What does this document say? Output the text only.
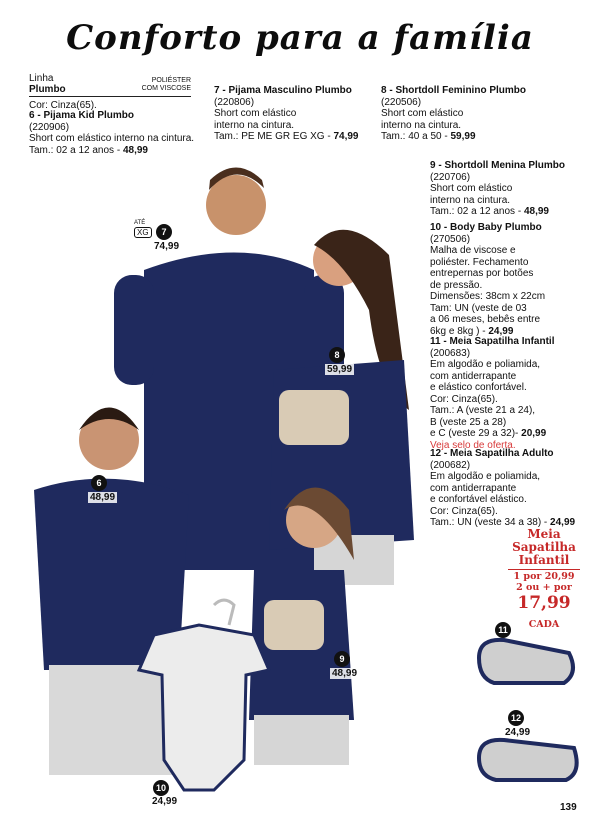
Conforto para a família
Linha
Plumbo
POLIÉSTER
COM VISCOSE
Cor: Cinza(65).
6 - Pijama Kid Plumbo
(220906)
Short com elástico interno na cintura.
Tam.: 02 a 12 anos - 48,99
7 - Pijama Masculino Plumbo
(220806)
Short com elástico
interno na cintura.
Tam.: PE ME GR EG XG - 74,99
8 - Shortdoll Feminino Plumbo
(220506)
Short com elástico
interno na cintura.
Tam.: 40 a 50 - 59,99
9 - Shortdoll Menina Plumbo
(220706)
Short com elástico
interno na cintura.
Tam.: 02 a 12 anos - 48,99
10 - Body Baby Plumbo
(270506)
Malha de viscose e
poliéster. Fechamento
entrepernas por botões
de pressão.
Dimensões: 38cm x 22cm
Tam: UN (veste de 03
a 06 meses, bebês entre
6kg e 8kg ) - 24,99
11 - Meia Sapatilha Infantil
(200683)
Em algodão e poliamida,
com antiderrapante
e elástico confortável.
Cor: Cinza(65).
Tam.: A (veste 21 a 24),
B (veste 25 a 28)
e C (veste 29 a 32)- 20,99
Veja selo de oferta.
12 - Meia Sapatilha Adulto
(200682)
Em algodão e poliamida,
com antiderrapante
e confortável elástico.
Cor: Cinza(65).
Tam.: UN (veste 34 a 38) - 24,99
ATÉ
XG	7
74,99
8
59,99
6
48,99
9
48,99
10
24,99
11
12
24,99
Meia
Sapatilha
Infantil
1 por 20,99
2 ou + por
17,99 CADA
139
